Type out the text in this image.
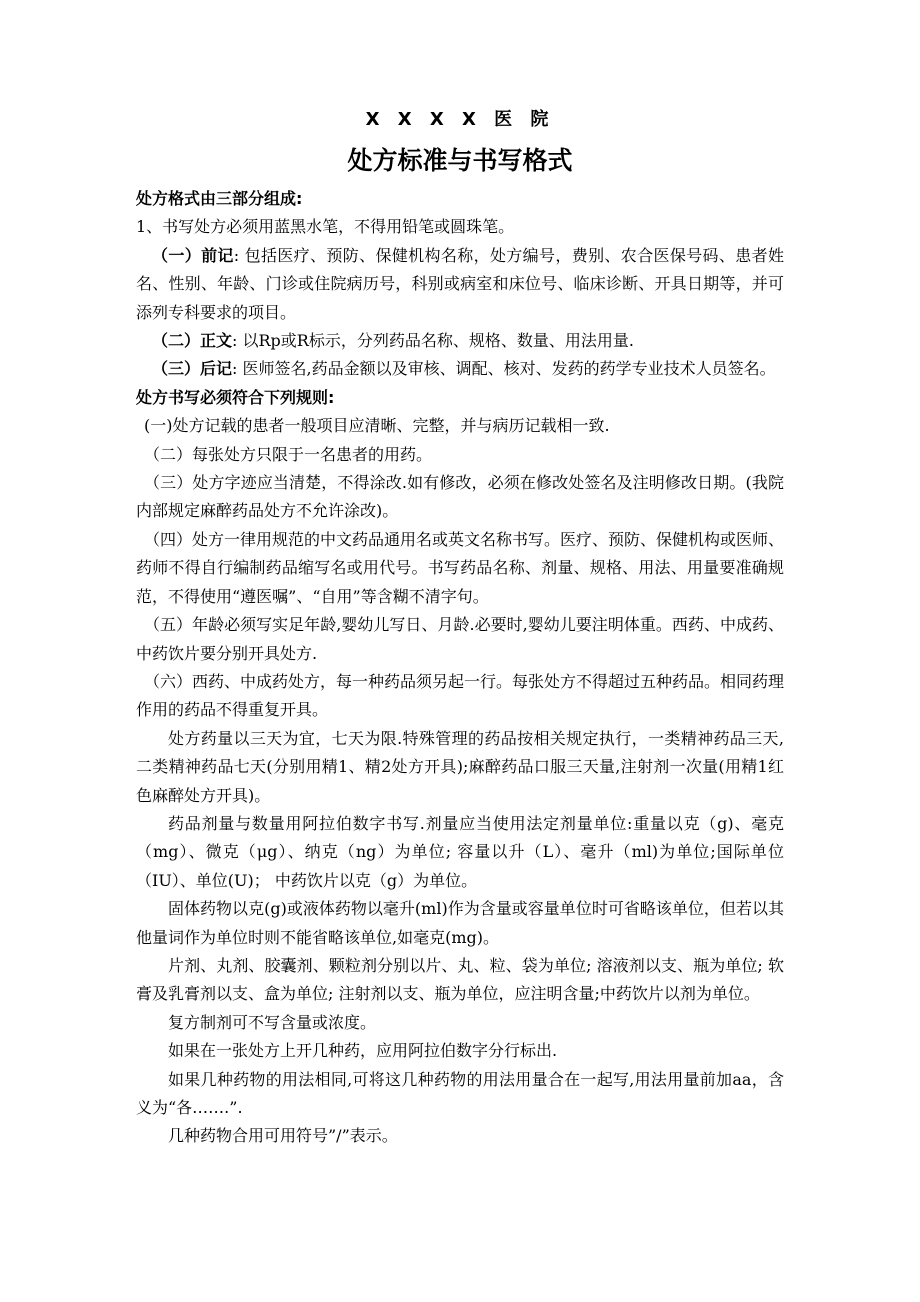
X X X X 医 院
处方标准与书写格式

处方格式由三部分组成:

1、书写处方必须用蓝黑水笔，不得用铅笔或圆珠笔。

（一）前记: 包括医疗、预防、保健机构名称，处方编号，费别、农合医保号码、患者姓名、性别、年龄、门诊或住院病历号，科别或病室和床位号、临床诊断、开具日期等，并可添列专科要求的项目。

（二）正文: 以Rp或R标示，分列药品名称、规格、数量、用法用量.

（三）后记: 医师签名,药品金额以及审核、调配、核对、发药的药学专业技术人员签名。

处方书写必须符合下列规则:

(一)处方记载的患者一般项目应清晰、完整，并与病历记载相一致.

（二）每张处方只限于一名患者的用药。

（三）处方字迹应当清楚，不得涂改.如有修改，必须在修改处签名及注明修改日期。(我院内部规定麻醉药品处方不允许涂改)。

（四）处方一律用规范的中文药品通用名或英文名称书写。医疗、预防、保健机构或医师、药师不得自行编制药品缩写名或用代号。书写药品名称、剂量、规格、用法、用量要准确规范，不得使用“遵医嘱”、“自用”等含糊不清字句。

（五）年龄必须写实足年龄,婴幼儿写日、月龄.必要时,婴幼儿要注明体重。西药、中成药、中药饮片要分别开具处方.

（六）西药、中成药处方，每一种药品须另起一行。每张处方不得超过五种药品。相同药理作用的药品不得重复开具。

处方药量以三天为宜，七天为限.特殊管理的药品按相关规定执行，一类精神药品三天,二类精神药品七天(分别用精1、精2处方开具);麻醉药品口服三天量,注射剂一次量(用精1红色麻醉处方开具)。

药品剂量与数量用阿拉伯数字书写.剂量应当使用法定剂量单位:重量以克（g)、毫克（mg）、微克（μg）、纳克（ng）为单位; 容量以升（L）、毫升（ml)为单位;国际单位（IU）、单位(U)； 中药饮片以克（g）为单位。

固体药物以克(g)或液体药物以毫升(ml)作为含量或容量单位时可省略该单位，但若以其他量词作为单位时则不能省略该单位,如毫克(mg)。

片剂、丸剂、胶囊剂、颗粒剂分别以片、丸、粒、袋为单位; 溶液剂以支、瓶为单位; 软膏及乳膏剂以支、盒为单位; 注射剂以支、瓶为单位，应注明含量;中药饮片以剂为单位。

复方制剂可不写含量或浓度。

如果在一张处方上开几种药，应用阿拉伯数字分行标出.

如果几种药物的用法相同,可将这几种药物的用法用量合在一起写,用法用量前加aa，含义为“各…….”.

几种药物合用可用符号”/”表示。
